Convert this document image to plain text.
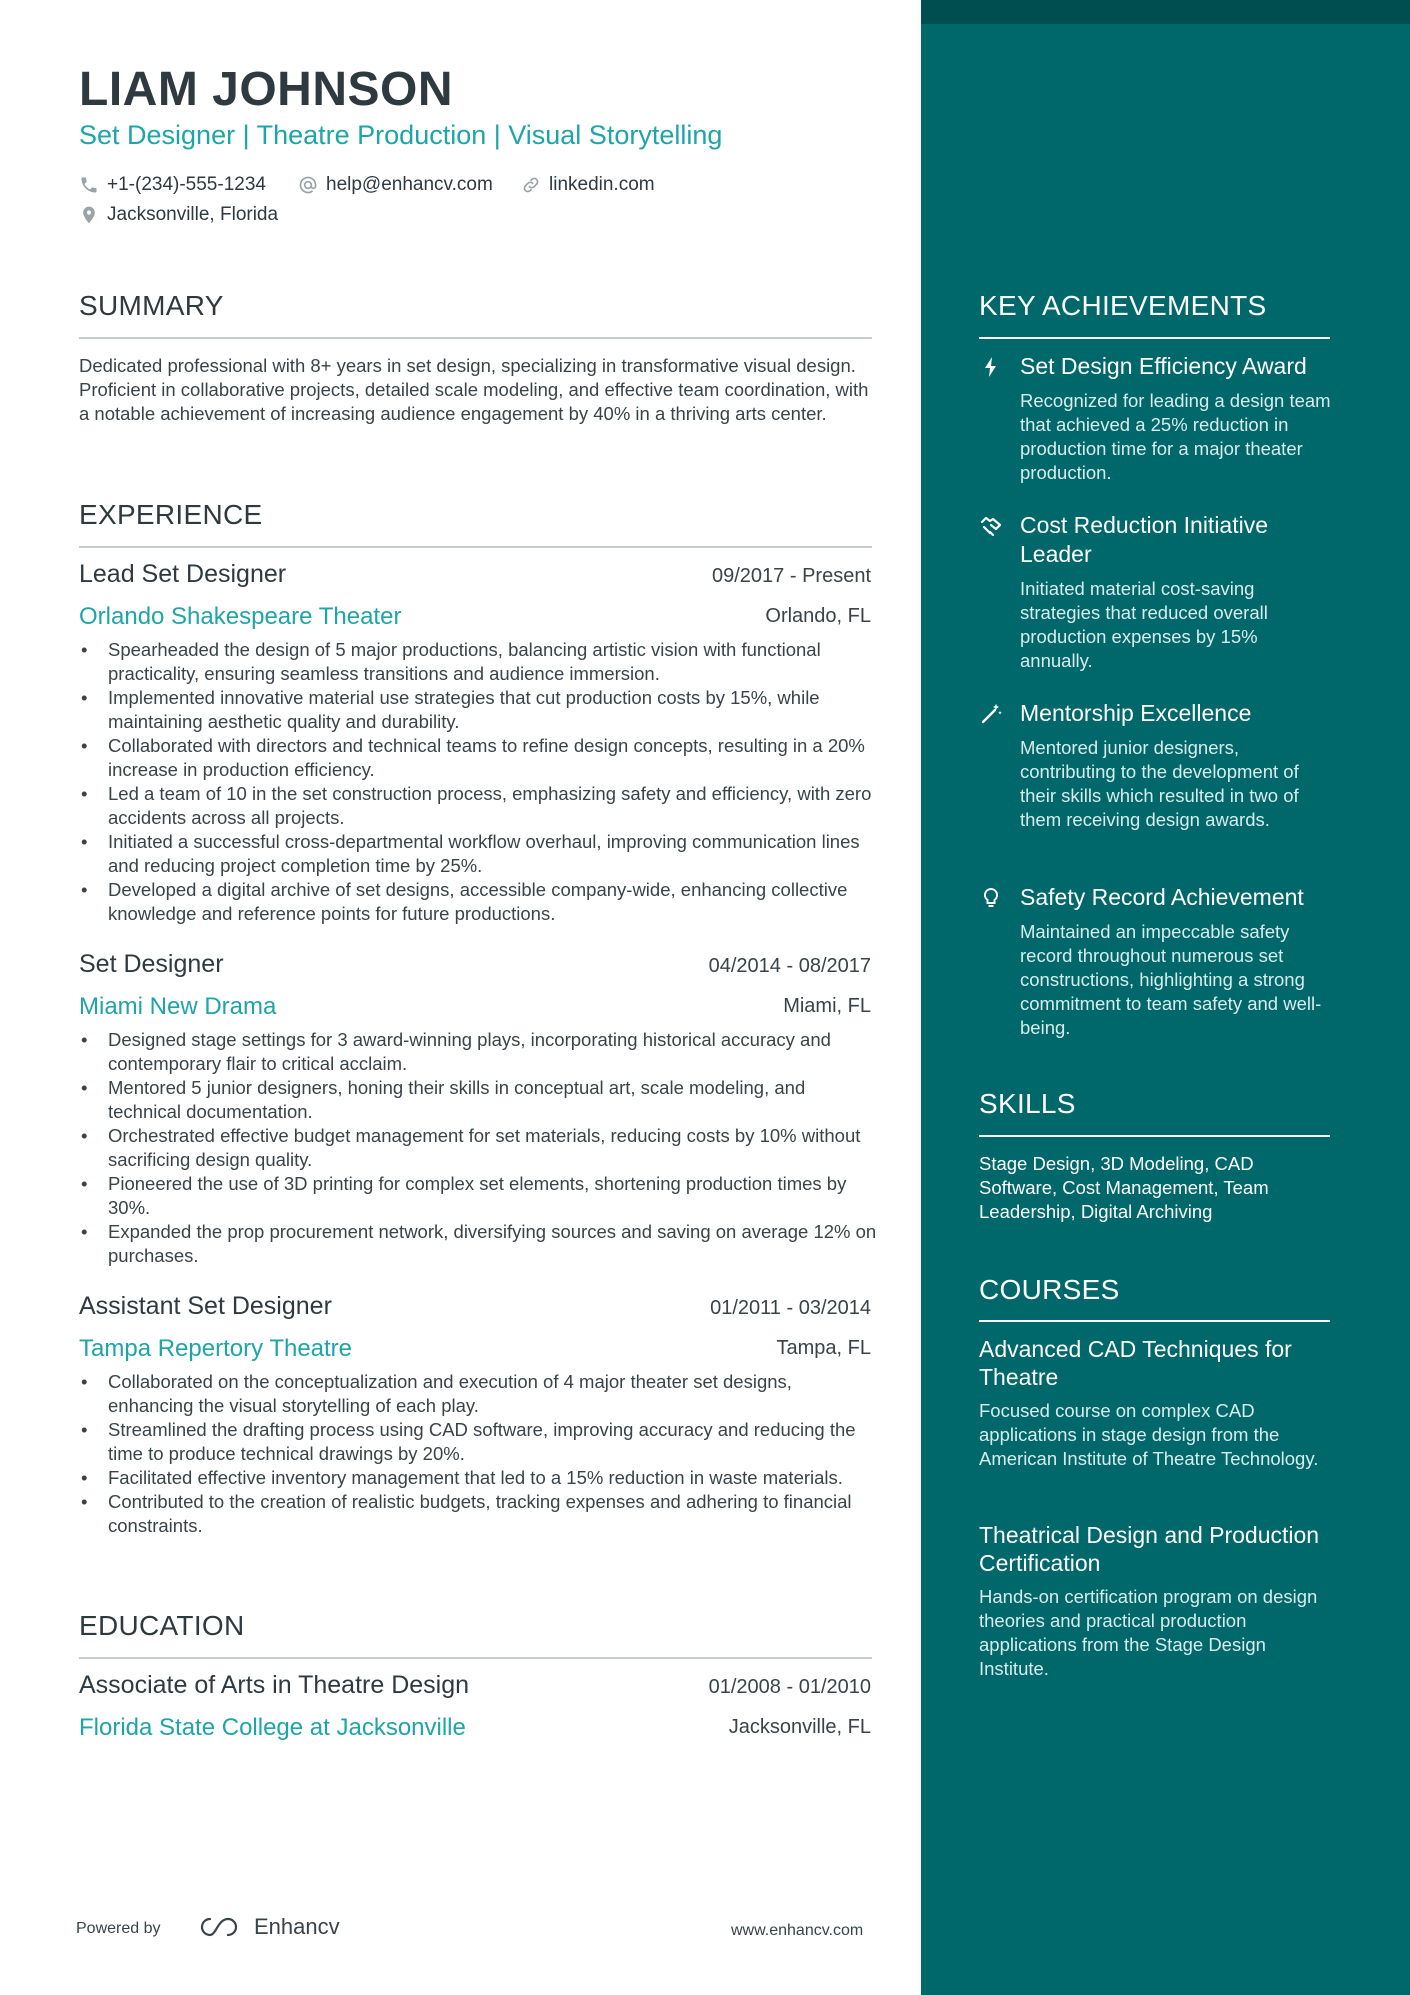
LIAM JOHNSON
Set Designer | Theatre Production | Visual Storytelling
+1-(234)-555-1234	help@enhancv.com	linkedin.com
Jacksonville, Florida
SUMMARY
Dedicated professional with 8+ years in set design, specializing in transformative visual design. Proficient in collaborative projects, detailed scale modeling, and effective team coordination, with a notable achievement of increasing audience engagement by 40% in a thriving arts center.
EXPERIENCE
Lead Set Designer	09/2017 - Present
Orlando Shakespeare Theater	Orlando, FL
• Spearheaded the design of 5 major productions, balancing artistic vision with functional practicality, ensuring seamless transitions and audience immersion.
• Implemented innovative material use strategies that cut production costs by 15%, while maintaining aesthetic quality and durability.
• Collaborated with directors and technical teams to refine design concepts, resulting in a 20% increase in production efficiency.
• Led a team of 10 in the set construction process, emphasizing safety and efficiency, with zero accidents across all projects.
• Initiated a successful cross-departmental workflow overhaul, improving communication lines and reducing project completion time by 25%.
• Developed a digital archive of set designs, accessible company-wide, enhancing collective knowledge and reference points for future productions.
Set Designer	04/2014 - 08/2017
Miami New Drama	Miami, FL
• Designed stage settings for 3 award-winning plays, incorporating historical accuracy and contemporary flair to critical acclaim.
• Mentored 5 junior designers, honing their skills in conceptual art, scale modeling, and technical documentation.
• Orchestrated effective budget management for set materials, reducing costs by 10% without sacrificing design quality.
• Pioneered the use of 3D printing for complex set elements, shortening production times by 30%.
• Expanded the prop procurement network, diversifying sources and saving on average 12% on purchases.
Assistant Set Designer	01/2011 - 03/2014
Tampa Repertory Theatre	Tampa, FL
• Collaborated on the conceptualization and execution of 4 major theater set designs, enhancing the visual storytelling of each play.
• Streamlined the drafting process using CAD software, improving accuracy and reducing the time to produce technical drawings by 20%.
• Facilitated effective inventory management that led to a 15% reduction in waste materials.
• Contributed to the creation of realistic budgets, tracking expenses and adhering to financial constraints.
EDUCATION
Associate of Arts in Theatre Design	01/2008 - 01/2010
Florida State College at Jacksonville	Jacksonville, FL
Powered by	Enhancv	www.enhancv.com
KEY ACHIEVEMENTS
Set Design Efficiency Award
Recognized for leading a design team that achieved a 25% reduction in production time for a major theater production.
Cost Reduction Initiative Leader
Initiated material cost-saving strategies that reduced overall production expenses by 15% annually.
Mentorship Excellence
Mentored junior designers, contributing to the development of their skills which resulted in two of them receiving design awards.
Safety Record Achievement
Maintained an impeccable safety record throughout numerous set constructions, highlighting a strong commitment to team safety and well-being.
SKILLS
Stage Design, 3D Modeling, CAD Software, Cost Management, Team Leadership, Digital Archiving
COURSES
Advanced CAD Techniques for Theatre
Focused course on complex CAD applications in stage design from the American Institute of Theatre Technology.
Theatrical Design and Production Certification
Hands-on certification program on design theories and practical production applications from the Stage Design Institute.
